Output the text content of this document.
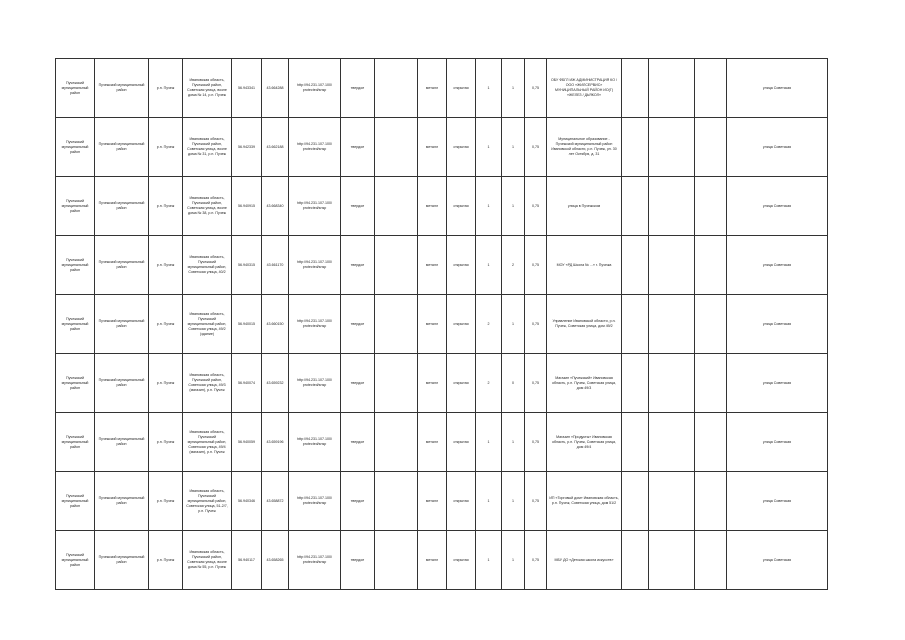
Пучежский муниципальный район	Пучежский муниципальный район	р.п. Пучеж	Ивановская область, Пучежский район, Советская улица, возле дома № 14, р.п. Пучеж	56.943341	43.664288	http://94.231.107.100/ protected/snsp	твердое		металл	открытая	1	1	0,75	ОБУ ФБГЛ ИЖ АДМИНИСТРАЦИЯ КО / ООО «ЖИЛСЕРВИС» МУНИЦИПАЛЬНЫЙ РАЙОН ИО(Г) «ЖЕЛЕЗ / ДЬЯКОЛ»				улица Советская
Пучежский муниципальный район	Пучежский муниципальный район	р.п. Пучеж	Ивановская область, Пучежский район, Советская улица, возле дома № 31, р.п. Пучеж	56.942339	43.662188	http://94.231.107.100/ protected/snsp	твердое		металл	открытая	1	1	0,75	Муниципальное образование - Пучежский муниципальный район Ивановской области, р.п. Пучеж, ул. 30 лет Октября, д. 31				улица Советская
Пучежский муниципальный район	Пучежский муниципальный район	р.п. Пучеж	Ивановская область, Пучежский район, Советская улица, возле дома № 38, р.п. Пучеж	56.940915	43.668340	http://94.231.107.100/ protected/snsp	твердое		металл	открытая	1	1	0,75	улица в Пучежском				улица Советская
Пучежский муниципальный район	Пучежский муниципальный район	р.п. Пучеж	Ивановская область, Пучежский муниципальный район, Советская улица, 40/2	56.940315	43.661170	http://94.231.107.100/ protected/snsp	твердое		металл	открытая	1	2	0,75	МОУ «РД Школа № ...» г. Пучежа				улица Советская
Пучежский муниципальный район	Пучежский муниципальный район	р.п. Пучеж	Ивановская область, Пучежский муниципальный район, Советская улица, 49/2 (здание)	56.940015	43.660150	http://94.231.107.100/ protected/snsp	твердое		металл	открытая	2	1	0,75	Управление Ивановской области, р.п. Пучеж, Советская улица, дом 49/2				улица Советская
Пучежский муниципальный район	Пучежский муниципальный район	р.п. Пучеж	Ивановская область, Пучежский район, Советская улица, 49/3 (магазин), р.п. Пучеж	56.940074	43.659232	http://94.231.107.100/ protected/snsp	твердое		металл	открытая	2	0	0,75	Магазин «Пучежский» Ивановская область, р.п. Пучеж, Советская улица, дом 49/3				улица Советская
Пучежский муниципальный район	Пучежский муниципальный район	р.п. Пучеж	Ивановская область, Пучежский муниципальный район, Советская улица, 49/4 (магазин), р.п. Пучеж	56.940059	43.659196	http://94.231.107.100/ protected/snsp	твердое		металл	открытая	1	1	0,75	Магазин «Продукты» Ивановская область, р.п. Пучеж, Советская улица, дом 49/4				улица Советская
Пучежский муниципальный район	Пучежский муниципальный район	р.п. Пучеж	Ивановская область, Пучежский муниципальный район, Советская улица, 51-2/7, р.п. Пучеж	56.940346	43.658872	http://94.231.107.100/ protected/snsp	твердое		металл	открытая	1	1	0,75	ИП «Торговый дом» Ивановская область, р.п. Пучеж, Советская улица, дом 51/2				улица Советская
Пучежский муниципальный район	Пучежский муниципальный район	р.п. Пучеж	Ивановская область, Пучежский район, Советская улица, возле дома № 55, р.п. Пучеж	56.940117	43.658265	http://94.231.107.100/ protected/snsp	твердое		металл	открытая	1	1	0,75	МБУ ДО «Детская школа искусств»				улица Советская
